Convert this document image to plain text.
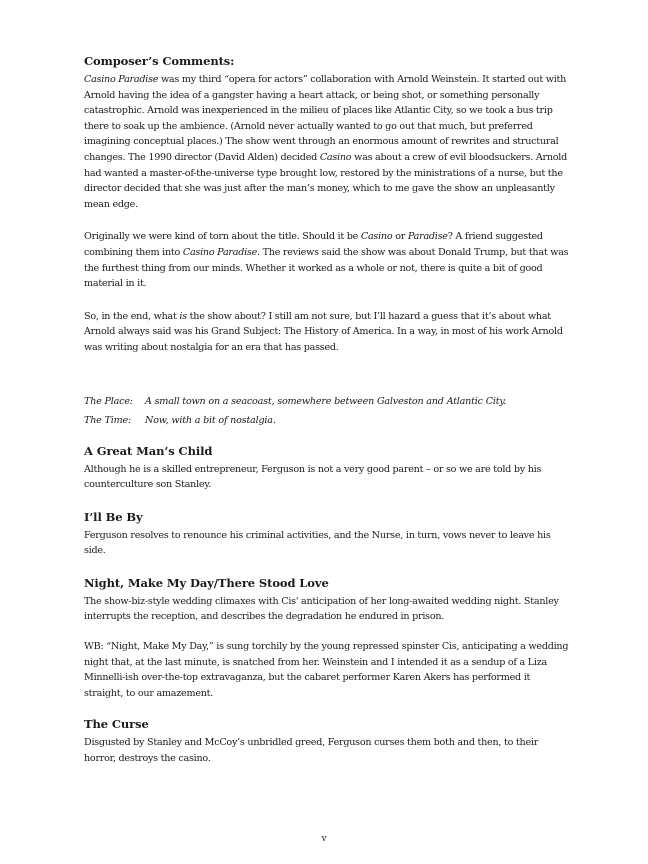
Composer’s Comments:

Casino Paradise was my third “opera for actors” collaboration with Arnold Weinstein. It started out with Arnold having the idea of a gangster having a heart attack, or being shot, or something personally catastrophic. Arnold was inexperienced in the milieu of places like Atlantic City, so we took a bus trip there to soak up the ambience. (Arnold never actually wanted to go out that much, but preferred imagining conceptual places.) The show went through an enormous amount of rewrites and structural changes. The 1990 director (David Alden) decided Casino was about a crew of evil bloodsuckers. Arnold had wanted a master-of-the-universe type brought low, restored by the ministrations of a nurse, but the director decided that she was just after the man’s money, which to me gave the show an unpleasantly mean edge.

Originally we were kind of torn about the title. Should it be Casino or Paradise? A friend suggested combining them into Casino Paradise. The reviews said the show was about Donald Trump, but that was the furthest thing from our minds. Whether it worked as a whole or not, there is quite a bit of good material in it.

So, in the end, what is the show about? I still am not sure, but I’ll hazard a guess that it’s about what Arnold always said was his Grand Subject: The History of America. In a way, in most of his work Arnold was writing about nostalgia for an era that has passed.

The Place: A small town on a seacoast, somewhere between Galveston and Atlantic City.
The Time: Now, with a bit of nostalgia.
A Great Man’s Child

Although he is a skilled entrepreneur, Ferguson is not a very good parent – or so we are told by his counterculture son Stanley.

I’ll Be By

Ferguson resolves to renounce his criminal activities, and the Nurse, in turn, vows never to leave his side.

Night, Make My Day/There Stood Love

The show-biz-style wedding climaxes with Cis' anticipation of her long-awaited wedding night. Stanley interrupts the reception, and describes the degradation he endured in prison.

WB: “Night, Make My Day,” is sung torchily by the young repressed spinster Cis, anticipating a wedding night that, at the last minute, is snatched from her. Weinstein and I intended it as a sendup of a Liza Minnelli-ish over-the-top extravaganza, but the cabaret performer Karen Akers has performed it straight, to our amazement.

The Curse

Disgusted by Stanley and McCoy’s unbridled greed, Ferguson curses them both and then, to their horror, destroys the casino.

v
